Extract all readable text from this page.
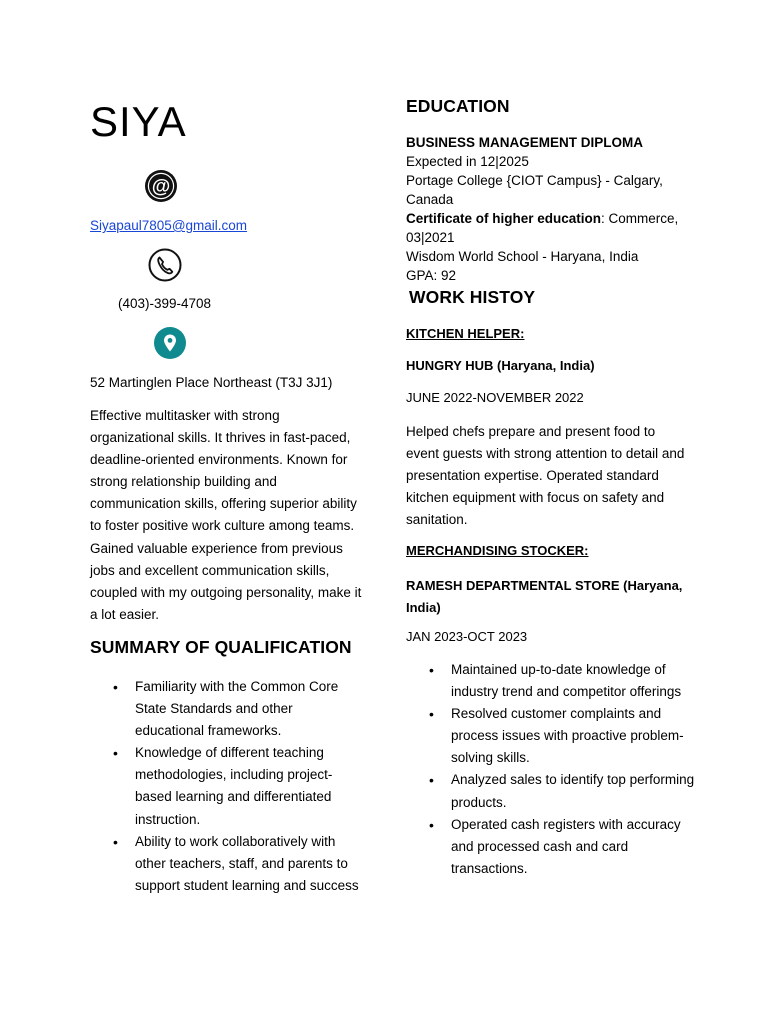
SIYA
@
Siyapaul7805@gmail.com
(403)-399-4708
52 Martinglen Place Northeast (T3J 3J1)
Effective multitasker with strong organizational skills. It thrives in fast-paced, deadline-oriented environments. Known for strong relationship building and communication skills, offering superior ability to foster positive work culture among teams. Gained valuable experience from previous jobs and excellent communication skills, coupled with my outgoing personality, make it a lot easier.
SUMMARY OF QUALIFICATION
• Familiarity with the Common Core State Standards and other educational frameworks.
• Knowledge of different teaching methodologies, including project-based learning and differentiated instruction.
• Ability to work collaboratively with other teachers, staff, and parents to support student learning and success
EDUCATION
BUSINESS MANAGEMENT DIPLOMA
Expected in 12|2025
Portage College {CIOT Campus} - Calgary, Canada
Certificate of higher education: Commerce, 03|2021
Wisdom World School - Haryana, India
GPA: 92
WORK HISTOY
KITCHEN HELPER:
HUNGRY HUB (Haryana, India)
JUNE 2022-NOVEMBER 2022
Helped chefs prepare and present food to event guests with strong attention to detail and presentation expertise. Operated standard kitchen equipment with focus on safety and sanitation.
MERCHANDISING STOCKER:
RAMESH DEPARTMENTAL STORE (Haryana, India)
JAN 2023-OCT 2023
• Maintained up-to-date knowledge of industry trend and competitor offerings
• Resolved customer complaints and process issues with proactive problem-solving skills.
• Analyzed sales to identify top performing products.
• Operated cash registers with accuracy and processed cash and card transactions.
